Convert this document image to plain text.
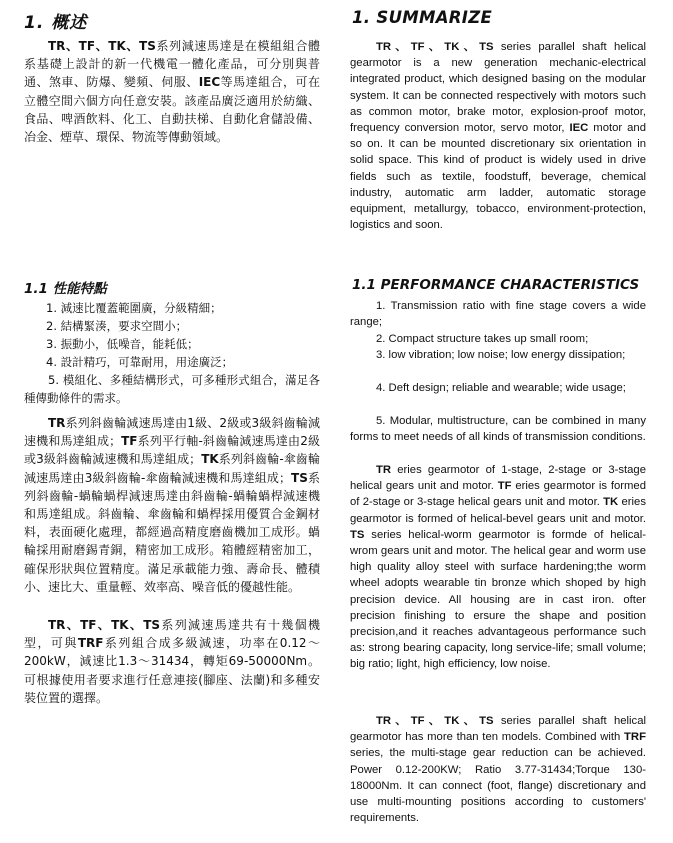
1. 概述

TR、TF、TK、TS系列減速馬達是在模組組合體系基礎上設計的新一代機電一體化產品，可分別與普通、煞車、防爆、變頻、伺服、IEC等馬達組合，可在立體空間六個方向任意安裝。該產品廣泛適用於紡織、食品、啤酒飲料、化工、自動扶梯、自動化倉儲設備、冶金、煙草、環保、物流等傳動領域。

1.1 性能特點

1. 減速比覆蓋範圍廣，分級精細；

2. 結構緊湊，要求空間小；

3. 振動小，低噪音，能耗低；

4. 設計精巧，可靠耐用，用途廣泛；

5. 模組化、多種結構形式，可多種形式組合，滿足各種傳動條件的需求。

TR系列斜齒輪減速馬達由1級、2級或3級斜齒輪減速機和馬達組成；TF系列平行軸-斜齒輪減速馬達由2級或3級斜齒輪減速機和馬達組成；TK系列斜齒輪-傘齒輪減速馬達由3級斜齒輪-傘齒輪減速機和馬達組成；TS系列斜齒輪-蝸輪蝸桿減速馬達由斜齒輪-蝸輪蝸桿減速機和馬達組成。斜齒輪、傘齒輪和蝸桿採用優質合金鋼材料，表面硬化處理，都經過高精度磨齒機加工成形。蝸輪採用耐磨錫青銅，精密加工成形。箱體經精密加工，確保形狀與位置精度。滿足承載能力強、壽命長、體積小、速比大、重量輕、效率高、噪音低的優越性能。

TR、TF、TK、TS系列減速馬達共有十幾個機型，可與TRF系列組合成多級減速，功率在0.12～200kW，減速比1.3～31434，轉矩69-50000Nm。可根據使用者要求進行任意連接(腳座、法蘭)和多種安裝位置的選擇。

1. SUMMARIZE

TR、TF、TK、TS series parallel shaft helical gearmotor is a new generation mechanic-electrical integrated product, which designed basing on the modular system. It can be connected respectively with motors such as common motor, brake motor, explosion-proof motor, frequency conversion motor, servo motor, IEC motor and so on. It can be mounted discretionary six orientation in solid space. This kind of product is widely used in drive fields such as textile, foodstuff, beverage, chemical industry, automatic arm ladder, automatic storage equipment, metallurgy, tobacco, environment-protection, logistics and soon.

1.1 PERFORMANCE CHARACTERISTICS

1. Transmission ratio with fine stage covers a wide range;

2. Compact structure takes up small room;

3. low vibration; low noise; low energy dissipation;

4. Deft design; reliable and wearable; wide usage;

5. Modular, multistructure, can be combined in many forms to meet needs of all kinds of transmission conditions.

TR eries gearmotor of 1-stage, 2-stage or 3-stage helical gears unit and motor. TF eries gearmotor is formed of 2-stage or 3-stage helical gears unit and motor. TK eries gearmotor is formed of helical-bevel gears unit and motor. TS series helical-worm gearmotor is formde of helical-wrom gears unit and motor. The helical gear and worm use high quality alloy steel with surface hardening;the worm wheel adopts wearable tin bronze which shoped by high precision device. All housing are in cast iron. ofter precision finishing to ersure the shape and position precision,and it reaches advantageous performance such as: strong bearing capacity, long service-life; small volume; big ratio; light, high efficiency, low noise.

TR、TF、TK、TS series parallel shaft helical gearmotor has more than ten models. Combined with TRF series, the multi-stage gear reduction can be achieved. Power 0.12-200KW; Ratio 3.77-31434;Torque 130-18000Nm. It can connect (foot, flange) discretionary and use multi-mounting positions according to customers' requirements.
